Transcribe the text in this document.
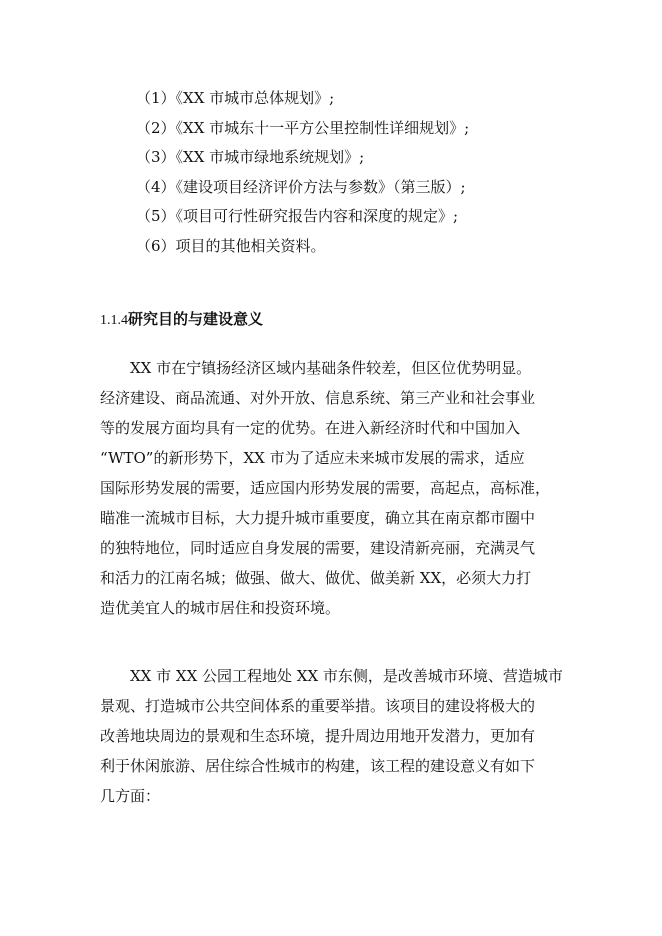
（1）《XX 市城市总体规划》;
（2）《XX 市城东十一平方公里控制性详细规划》;
（3）《XX 市城市绿地系统规划》;
（4）《建设项目经济评价方法与参数》（第三版）;
（5）《项目可行性研究报告内容和深度的规定》;
（6）项目的其他相关资料。
1.1.4研究目的与建设意义

XX 市在宁镇扬经济区域内基础条件较差，但区位优势明显。
经济建设、商品流通、对外开放、信息系统、第三产业和社会事业
等的发展方面均具有一定的优势。在进入新经济时代和中国加入
“WTO”的新形势下，XX 市为了适应未来城市发展的需求，适应
国际形势发展的需要，适应国内形势发展的需要，高起点，高标准，
瞄准一流城市目标，大力提升城市重要度，确立其在南京都市圈中
的独特地位，同时适应自身发展的需要，建设清新亮丽，充满灵气
和活力的江南名城；做强、做大、做优、做美新 XX，必须大力打
造优美宜人的城市居住和投资环境。

XX 市 XX 公园工程地处 XX 市东侧，是改善城市环境、营造城市
景观、打造城市公共空间体系的重要举措。该项目的建设将极大的
改善地块周边的景观和生态环境，提升周边用地开发潜力，更加有
利于休闲旅游、居住综合性城市的构建，该工程的建设意义有如下
几方面：
